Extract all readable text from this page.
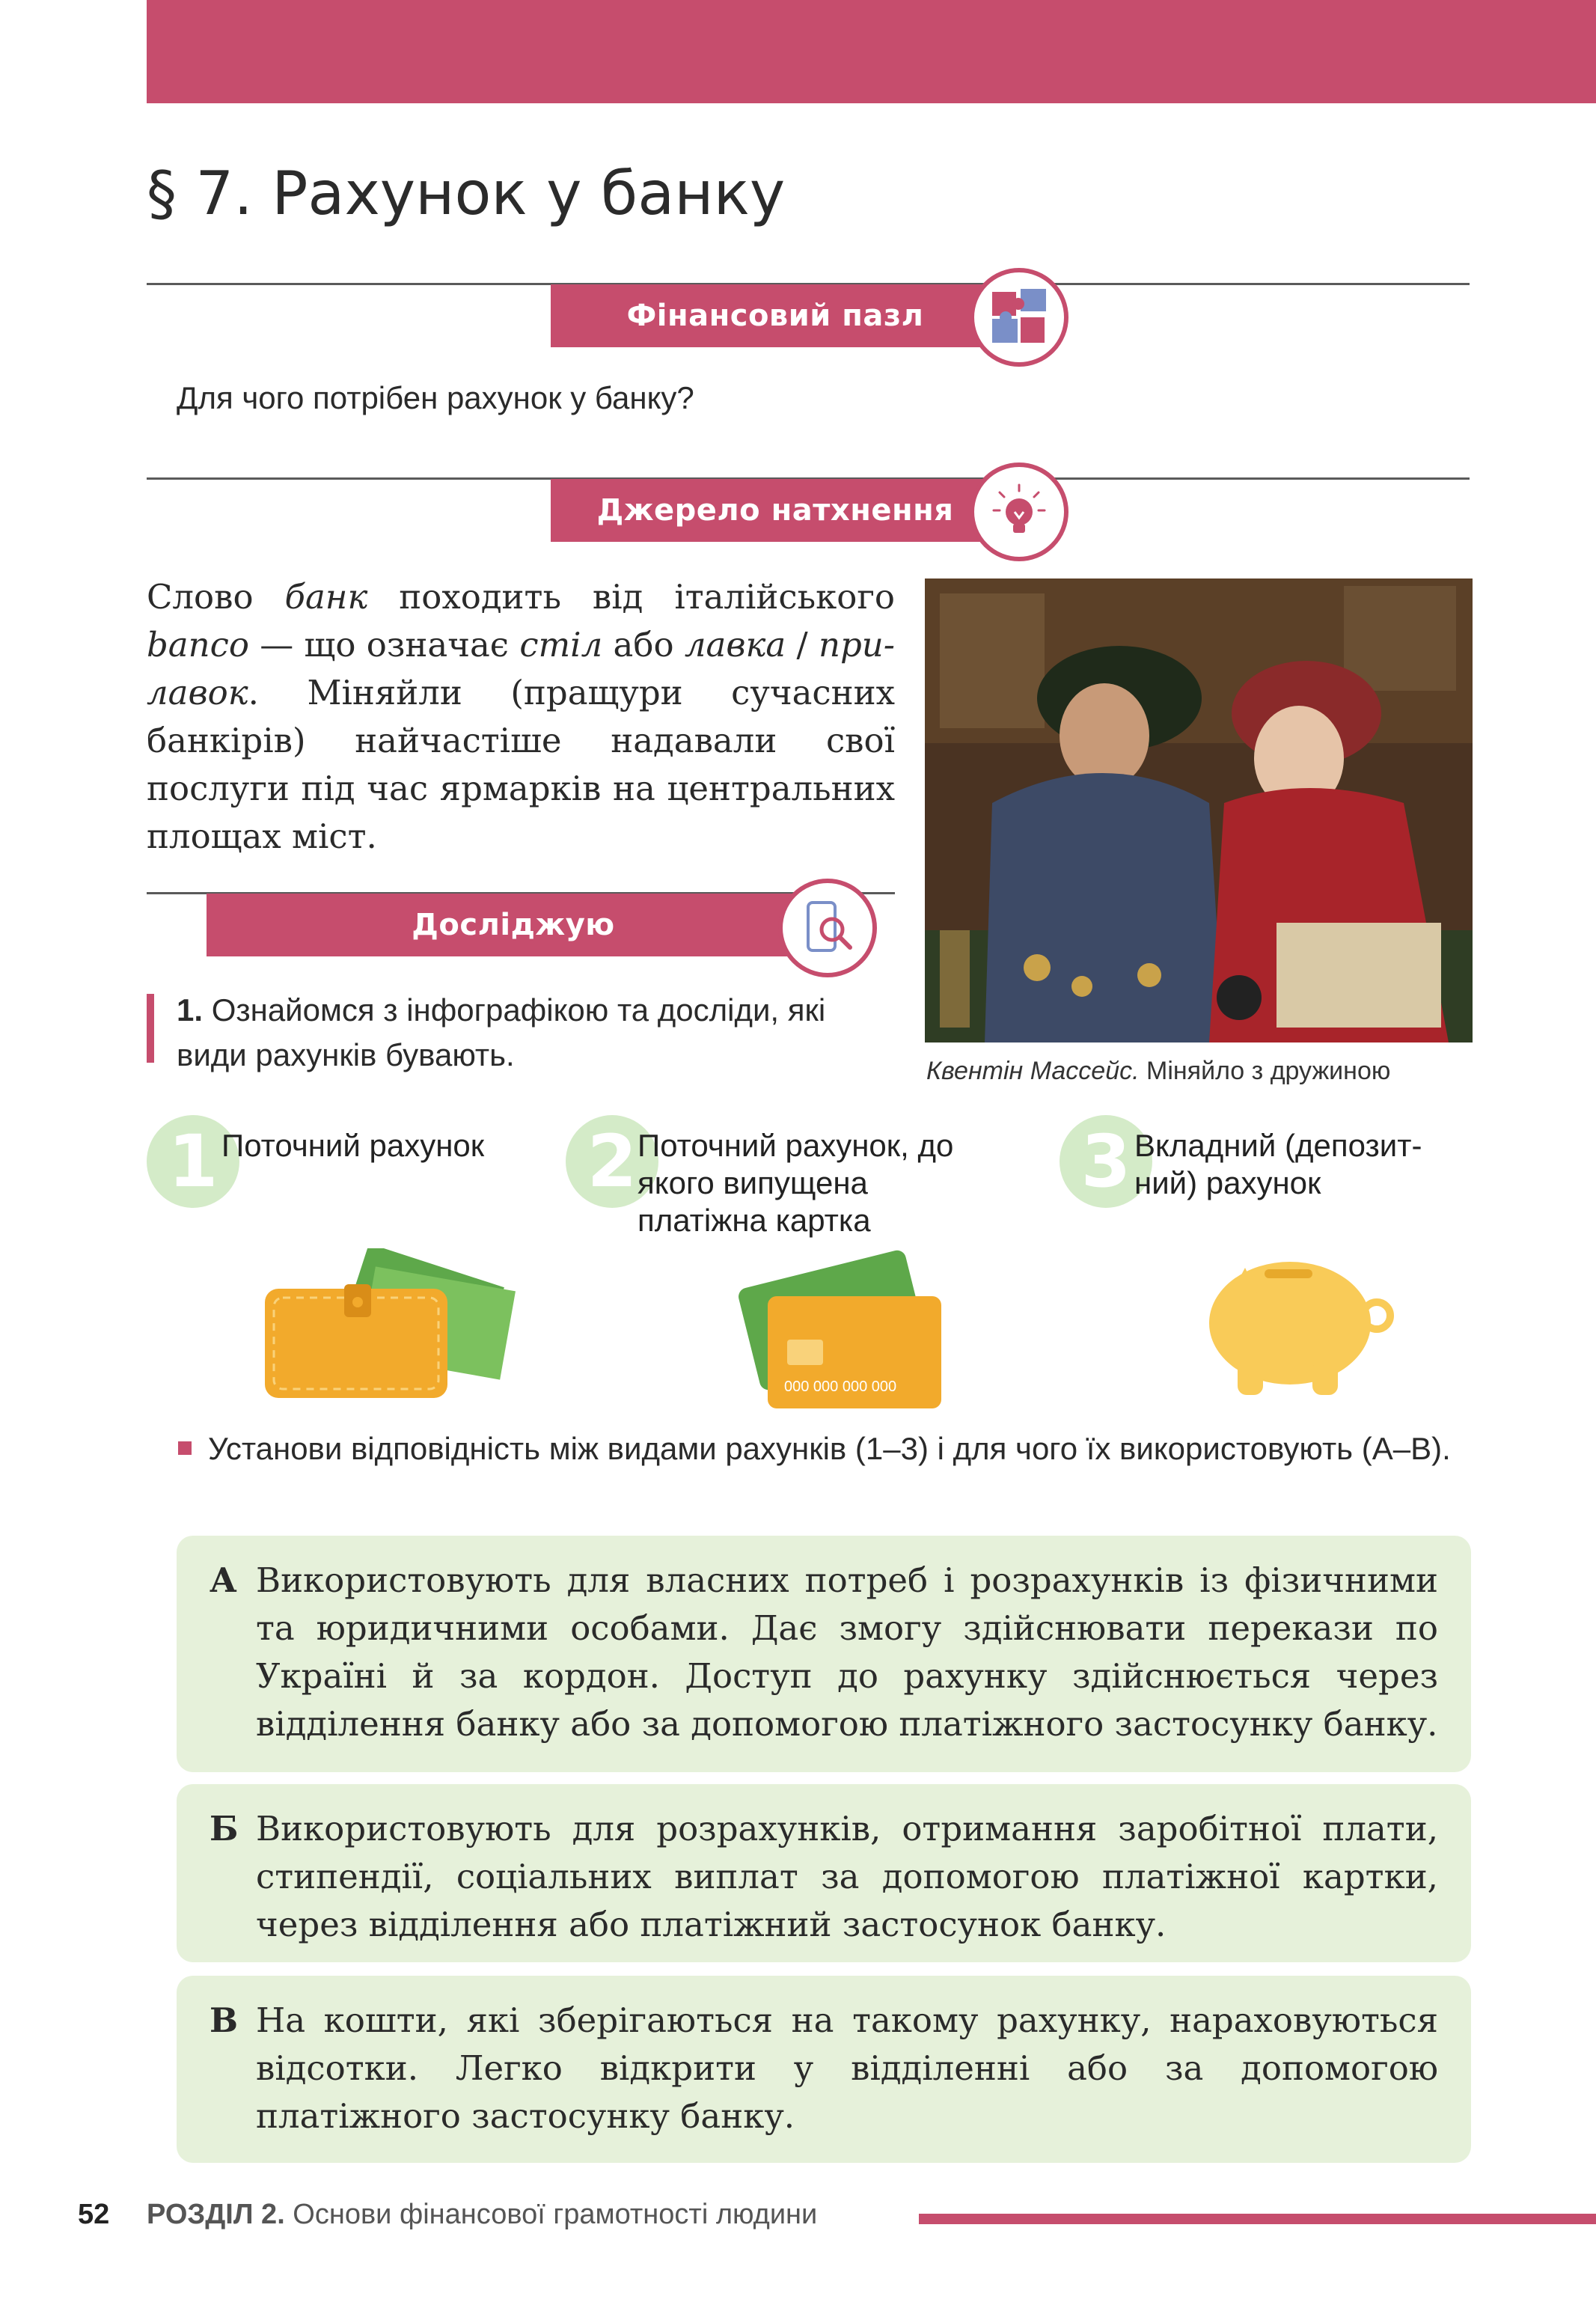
§ 7. Рахунок у банку
Фінансовий пазл
Для чого потрібен рахунок у банку?
Джерело натхнення
Слово банк походить від італійського banco — що означає стіл або лавка / при-лавок. Міняйли (пращури сучасних банкірів) найчастіше надавали свої послуги під час ярмарків на центральних площах міст.
Квентін Массейс. Міняйло з дружиною
Досліджую
1. Ознайомся з інфографікою та досліди, які види рахунків бувають.
1 Поточний рахунок	2 Поточний рахунок, до якого випущена платіжна картка
3 Вкладний (депозит-ний) рахунок
000 000 000 000
Установи відповідність між видами рахунків (1–3) і для чого їх використовують (А–В).
А Використовують для власних потреб і розрахунків із фізичними та юридичними особами. Дає змогу здійснювати перекази по Україні й за кордон. Доступ до рахунку здійснюється через відділення банку або за допомогою платіжного застосунку банку.
Б Використовують для розрахунків, отримання заробітної плати, стипендії, соціальних виплат за допомогою платіжної картки, через відділення або платіжний застосунок банку.
В На кошти, які зберігаються на такому рахунку, нараховуються відсотки. Легко відкрити у відділенні або за допомогою платіжного застосунку банку.
52 РОЗДІЛ 2. Основи фінансової грамотності людини
